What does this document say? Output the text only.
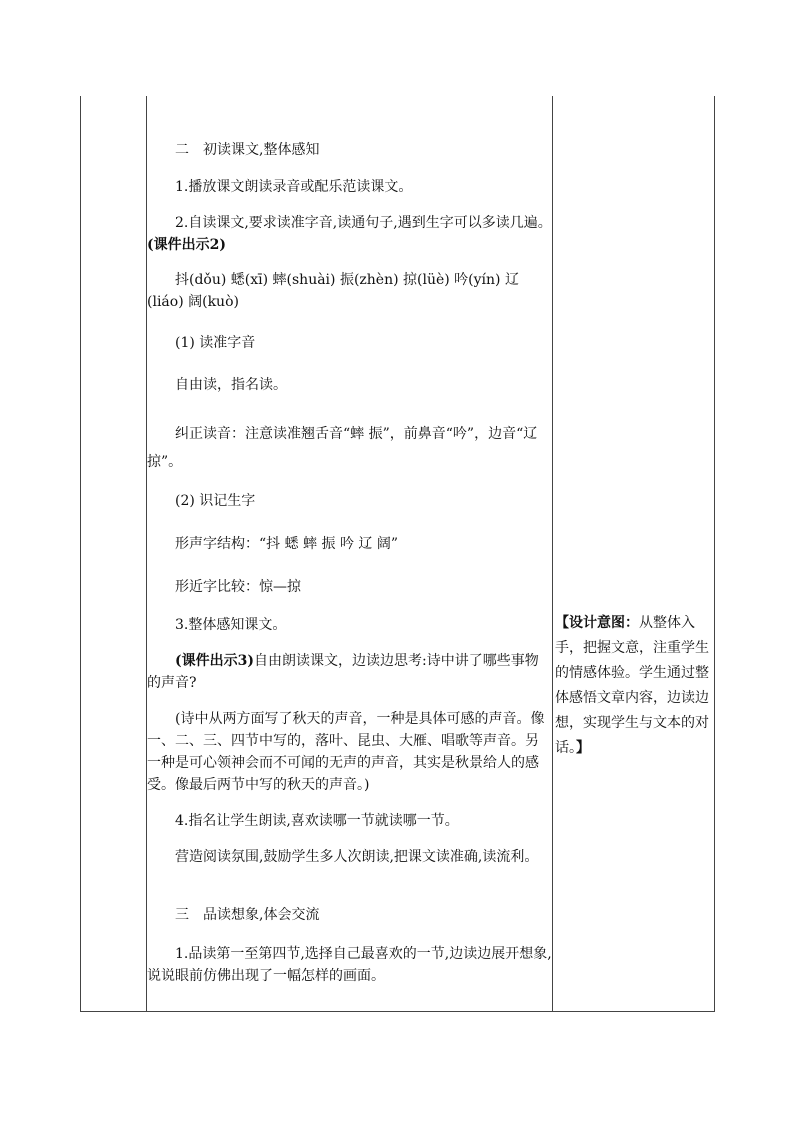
二　初读课文,整体感知

1.播放课文朗读录音或配乐范读课文。

2.自读课文,要求读准字音,读通句子,遇到生字可以多读几遍。(课件出示2)

抖(dǒu) 蟋(xī) 蟀(shuài) 振(zhèn) 掠(lüè) 吟(yín) 辽(liáo) 阔(kuò)

(1) 读准字音

自由读，指名读。

纠正读音：注意读准翘舌音“蟀 振”，前鼻音“吟”，边音“辽 掠”。

(2) 识记生字

形声字结构：“抖 蟋 蟀 振 吟 辽 阔”

形近字比较：惊—掠

3.整体感知课文。

(课件出示3)自由朗读课文，边读边思考:诗中讲了哪些事物的声音?

(诗中从两方面写了秋天的声音，一种是具体可感的声音。像一、二、三、四节中写的，落叶、昆虫、大雁、唱歌等声音。另一种是可心领神会而不可闻的无声的声音，其实是秋景给人的感受。像最后两节中写的秋天的声音。)

4.指名让学生朗读,喜欢读哪一节就读哪一节。

营造阅读氛围,鼓励学生多人次朗读,把课文读准确,读流利。

三　品读想象,体会交流

1.品读第一至第四节,选择自己最喜欢的一节,边读边展开想象,说说眼前仿佛出现了一幅怎样的画面。

【设计意图：从整体入手，把握文意，注重学生的情感体验。学生通过整体感悟文章内容，边读边想，实现学生与文本的对话。】
